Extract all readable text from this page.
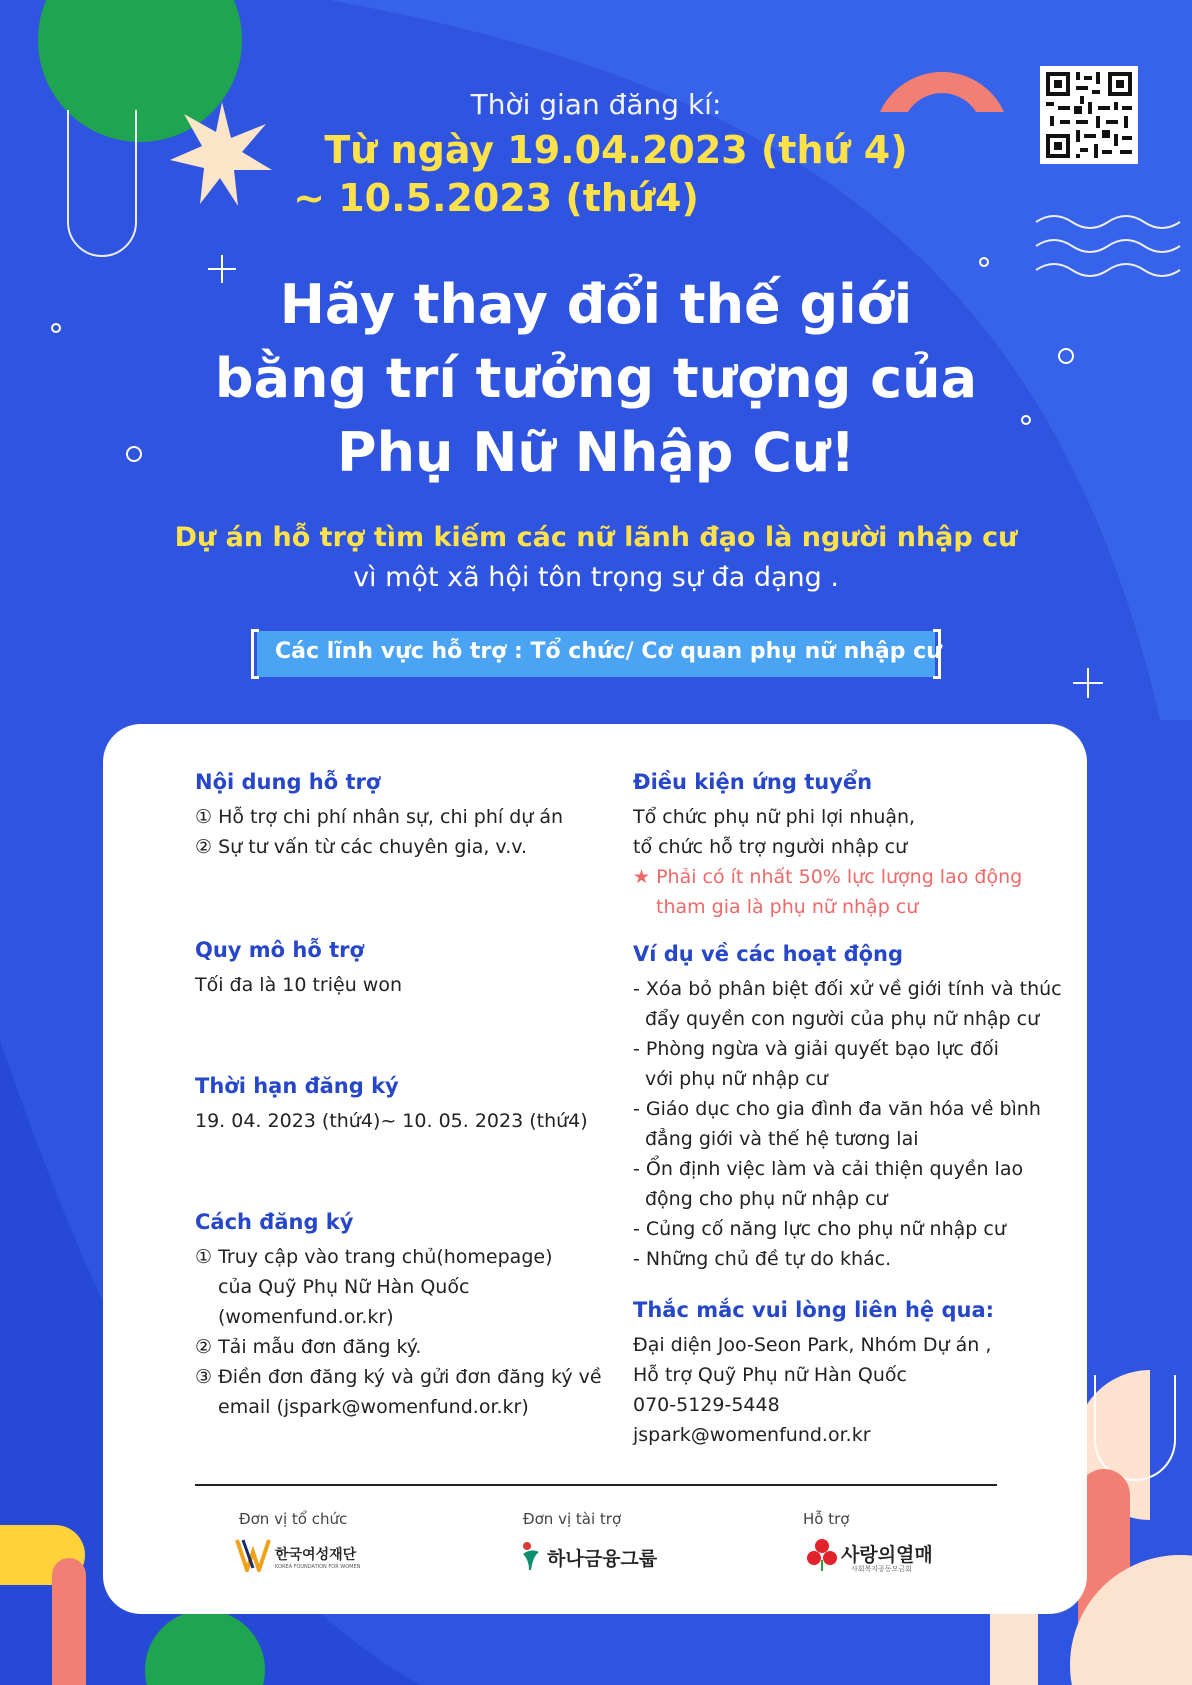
Thời gian đăng kí:
Từ ngày 19.04.2023 (thứ 4)
~ 10.5.2023 (thứ4)
Hãy thay đổi thế giới
bằng trí tưởng tượng của
Phụ Nữ Nhập Cư!
Dự án hỗ trợ tìm kiếm các nữ lãnh đạo là người nhập cư
vì một xã hội tôn trọng sự đa dạng .
Các lĩnh vực hỗ trợ : Tổ chức/ Cơ quan phụ nữ nhập cư
Nội dung hỗ trợ
① Hỗ trợ chi phí nhân sự, chi phí dự án
② Sự tư vấn từ các chuyên gia, v.v.
Quy mô hỗ trợ
Tối đa là 10 triệu won
Thời hạn đăng ký
19. 04. 2023 (thứ4)~ 10. 05. 2023 (thứ4)
Cách đăng ký
① Truy cập vào trang chủ(homepage)
của Quỹ Phụ Nữ Hàn Quốc
(womenfund.or.kr)
② Tải mẫu đơn đăng ký.
③ Điền đơn đăng ký và gửi đơn đăng ký về
email (jspark@womenfund.or.kr)
Điều kiện ứng tuyển
Tổ chức phụ nữ phi lợi nhuận,
tổ chức hỗ trợ người nhập cư
★ Phải có ít nhất 50% lực lượng lao động
tham gia là phụ nữ nhập cư
Ví dụ về các hoạt động
- Xóa bỏ phân biệt đối xử về giới tính và thúc
đẩy quyền con người của phụ nữ nhập cư
- Phòng ngừa và giải quyết bạo lực đối
với phụ nữ nhập cư
- Giáo dục cho gia đình đa văn hóa về bình
đẳng giới và thế hệ tương lai
- Ổn định việc làm và cải thiện quyền lao
động cho phụ nữ nhập cư
- Củng cố năng lực cho phụ nữ nhập cư
- Những chủ đề tự do khác.
Thắc mắc vui lòng liên hệ qua:
Đại diện Joo-Seon Park, Nhóm Dự án ,
Hỗ trợ Quỹ Phụ nữ Hàn Quốc
070-5129-5448
jspark@womenfund.or.kr
Đơn vị tổ chức	Đơn vị tài trợ	Hỗ trợ
한국여성재단
KOREA FOUNDATION FOR WOMEN	하나금융그룹	사랑의열매
사회복지공동모금회
